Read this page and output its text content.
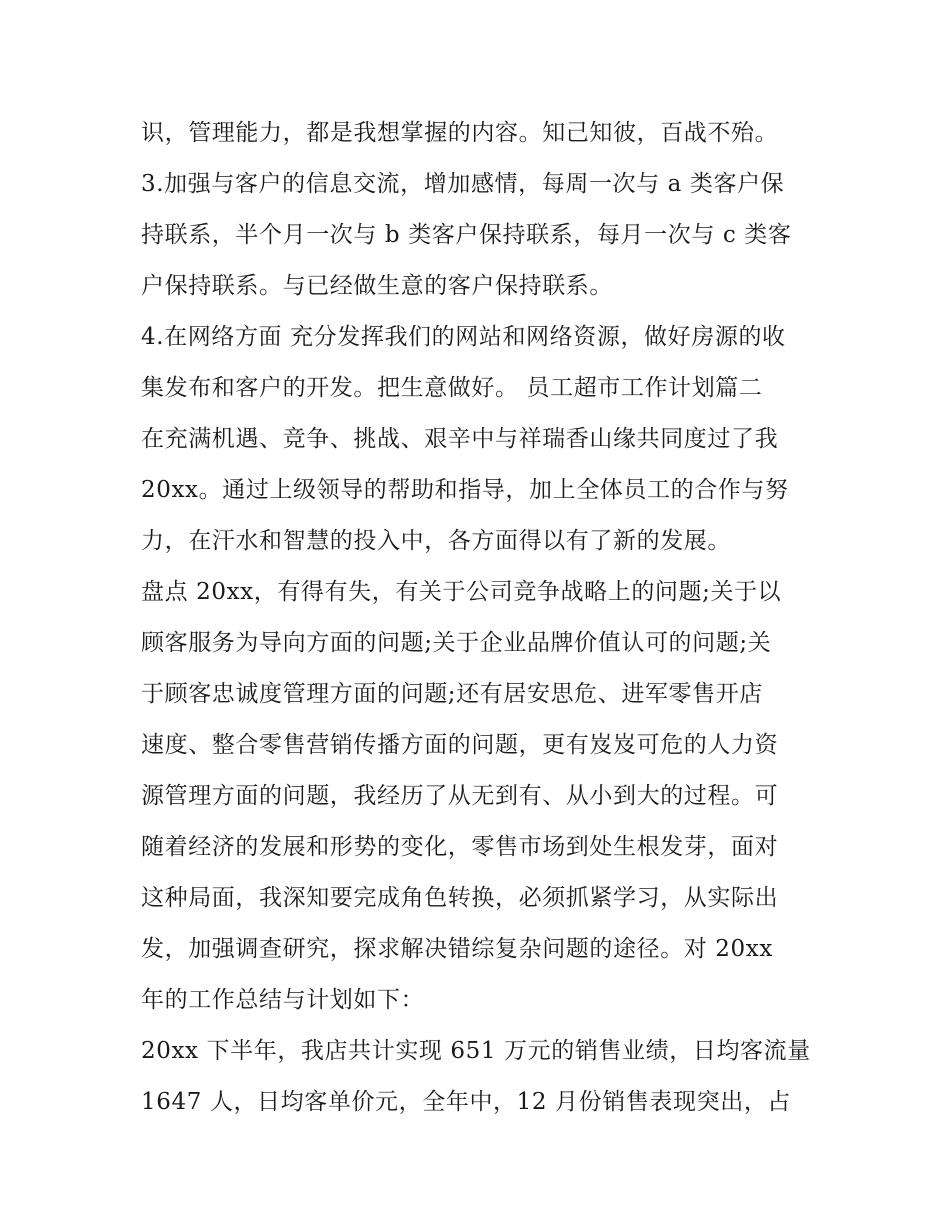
识，管理能力，都是我想掌握的内容。知己知彼，百战不殆。
3.加强与客户的信息交流，增加感情，每周一次与 a 类客户保
持联系，半个月一次与 b 类客户保持联系，每月一次与 c 类客
户保持联系。与已经做生意的客户保持联系。
4.在网络方面 充分发挥我们的网站和网络资源，做好房源的收
集发布和客户的开发。把生意做好。 员工超市工作计划篇二
在充满机遇、竞争、挑战、艰辛中与祥瑞香山缘共同度过了我
20xx。通过上级领导的帮助和指导，加上全体员工的合作与努
力，在汗水和智慧的投入中，各方面得以有了新的发展。
盘点 20xx，有得有失，有关于公司竞争战略上的问题;关于以
顾客服务为导向方面的问题;关于企业品牌价值认可的问题;关
于顾客忠诚度管理方面的问题;还有居安思危、进军零售开店
速度、整合零售营销传播方面的问题，更有岌岌可危的人力资
源管理方面的问题，我经历了从无到有、从小到大的过程。可
随着经济的发展和形势的变化，零售市场到处生根发芽，面对
这种局面，我深知要完成角色转换，必须抓紧学习，从实际出
发，加强调查研究，探求解决错综复杂问题的途径。对 20xx
年的工作总结与计划如下：
20xx 下半年，我店共计实现 651 万元的销售业绩，日均客流量
1647 人，日均客单价元，全年中，12 月份销售表现突出，占
